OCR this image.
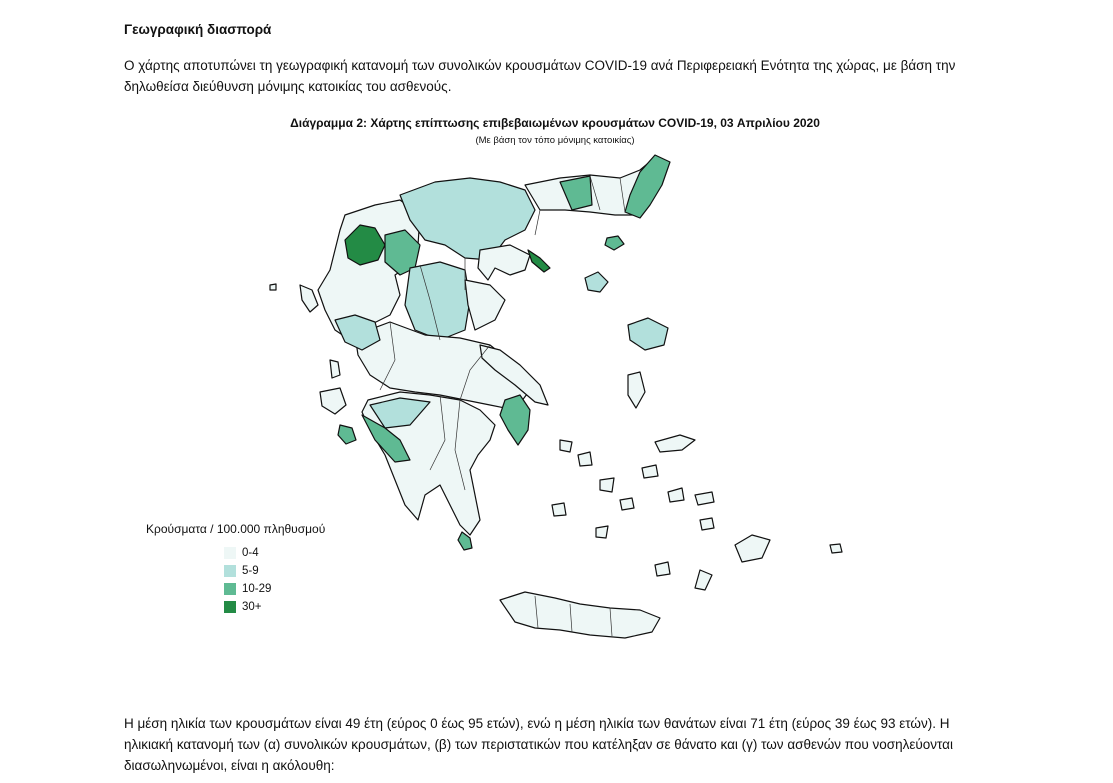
Γεωγραφική διασπορά

Ο χάρτης αποτυπώνει τη γεωγραφική κατανομή των συνολικών κρουσμάτων COVID-19 ανά Περιφερειακή Ενότητα της χώρας, με βάση την δηλωθείσα διεύθυνση μόνιμης κατοικίας του ασθενούς.

Διάγραμμα 2: Χάρτης επίπτωσης επιβεβαιωμένων κρουσμάτων COVID-19, 03 Απριλίου 2020

(Με βάση τον τόπο μόνιμης κατοικίας)

Κρούσματα / 100.000 πληθυσμού

0-4
5-9
10-29
30+

Η μέση ηλικία των κρουσμάτων είναι 49 έτη (εύρος 0 έως 95 ετών), ενώ η μέση ηλικία των θανάτων είναι 71 έτη (εύρος 39 έως 93 ετών). Η ηλικιακή κατανομή των (α) συνολικών κρουσμάτων, (β) των περιστατικών που κατέληξαν σε θάνατο και (γ) των ασθενών που νοσηλεύονται διασωληνωμένοι, είναι η ακόλουθη:
